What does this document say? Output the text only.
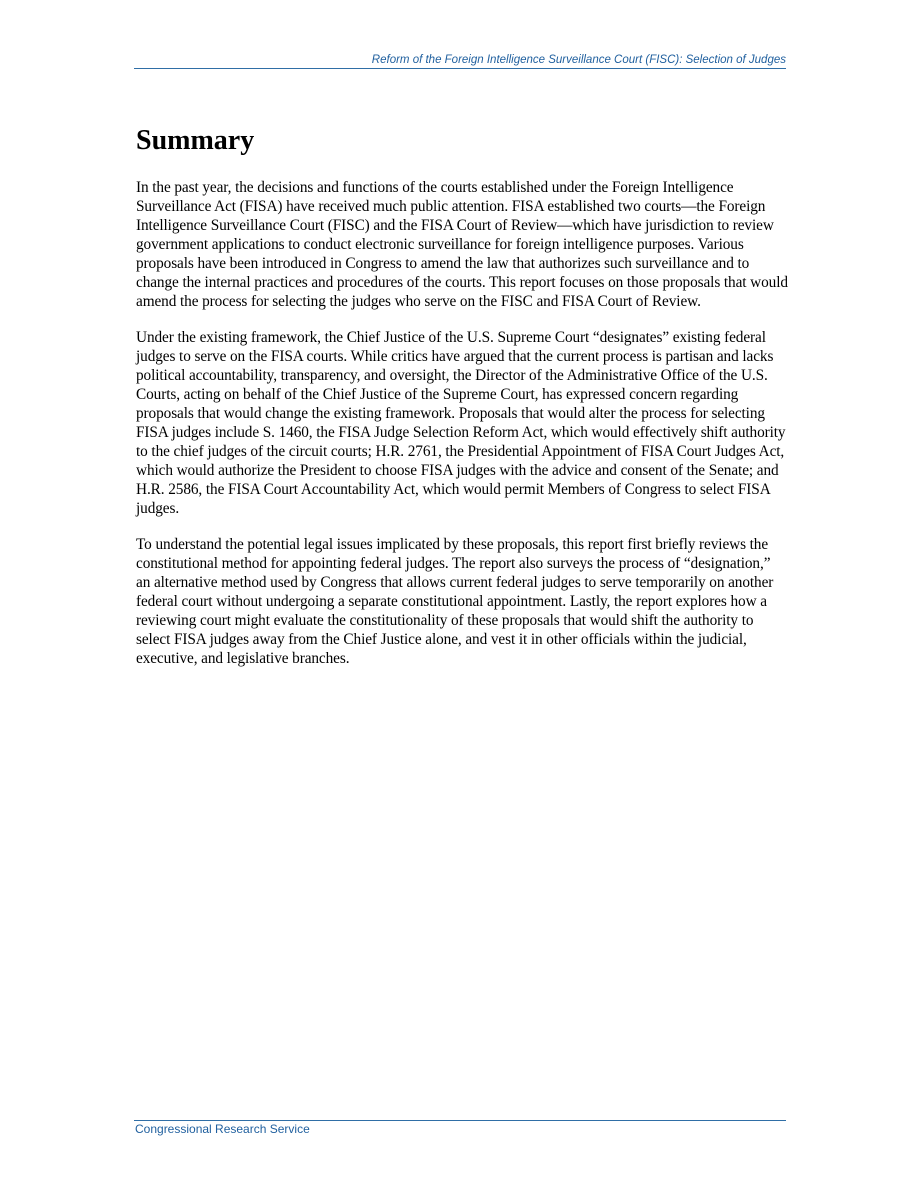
Reform of the Foreign Intelligence Surveillance Court (FISC): Selection of Judges
Summary

In the past year, the decisions and functions of the courts established under the Foreign Intelligence Surveillance Act (FISA) have received much public attention. FISA established two courts—the Foreign Intelligence Surveillance Court (FISC) and the FISA Court of Review—which have jurisdiction to review government applications to conduct electronic surveillance for foreign intelligence purposes. Various proposals have been introduced in Congress to amend the law that authorizes such surveillance and to change the internal practices and procedures of the courts. This report focuses on those proposals that would amend the process for selecting the judges who serve on the FISC and FISA Court of Review.

Under the existing framework, the Chief Justice of the U.S. Supreme Court “designates” existing federal judges to serve on the FISA courts. While critics have argued that the current process is partisan and lacks political accountability, transparency, and oversight, the Director of the Administrative Office of the U.S. Courts, acting on behalf of the Chief Justice of the Supreme Court, has expressed concern regarding proposals that would change the existing framework. Proposals that would alter the process for selecting FISA judges include S. 1460, the FISA Judge Selection Reform Act, which would effectively shift authority to the chief judges of the circuit courts; H.R. 2761, the Presidential Appointment of FISA Court Judges Act, which would authorize the President to choose FISA judges with the advice and consent of the Senate; and H.R. 2586, the FISA Court Accountability Act, which would permit Members of Congress to select FISA judges.

To understand the potential legal issues implicated by these proposals, this report first briefly reviews the constitutional method for appointing federal judges. The report also surveys the process of “designation,” an alternative method used by Congress that allows current federal judges to serve temporarily on another federal court without undergoing a separate constitutional appointment. Lastly, the report explores how a reviewing court might evaluate the constitutionality of these proposals that would shift the authority to select FISA judges away from the Chief Justice alone, and vest it in other officials within the judicial, executive, and legislative branches.

Congressional Research Service
